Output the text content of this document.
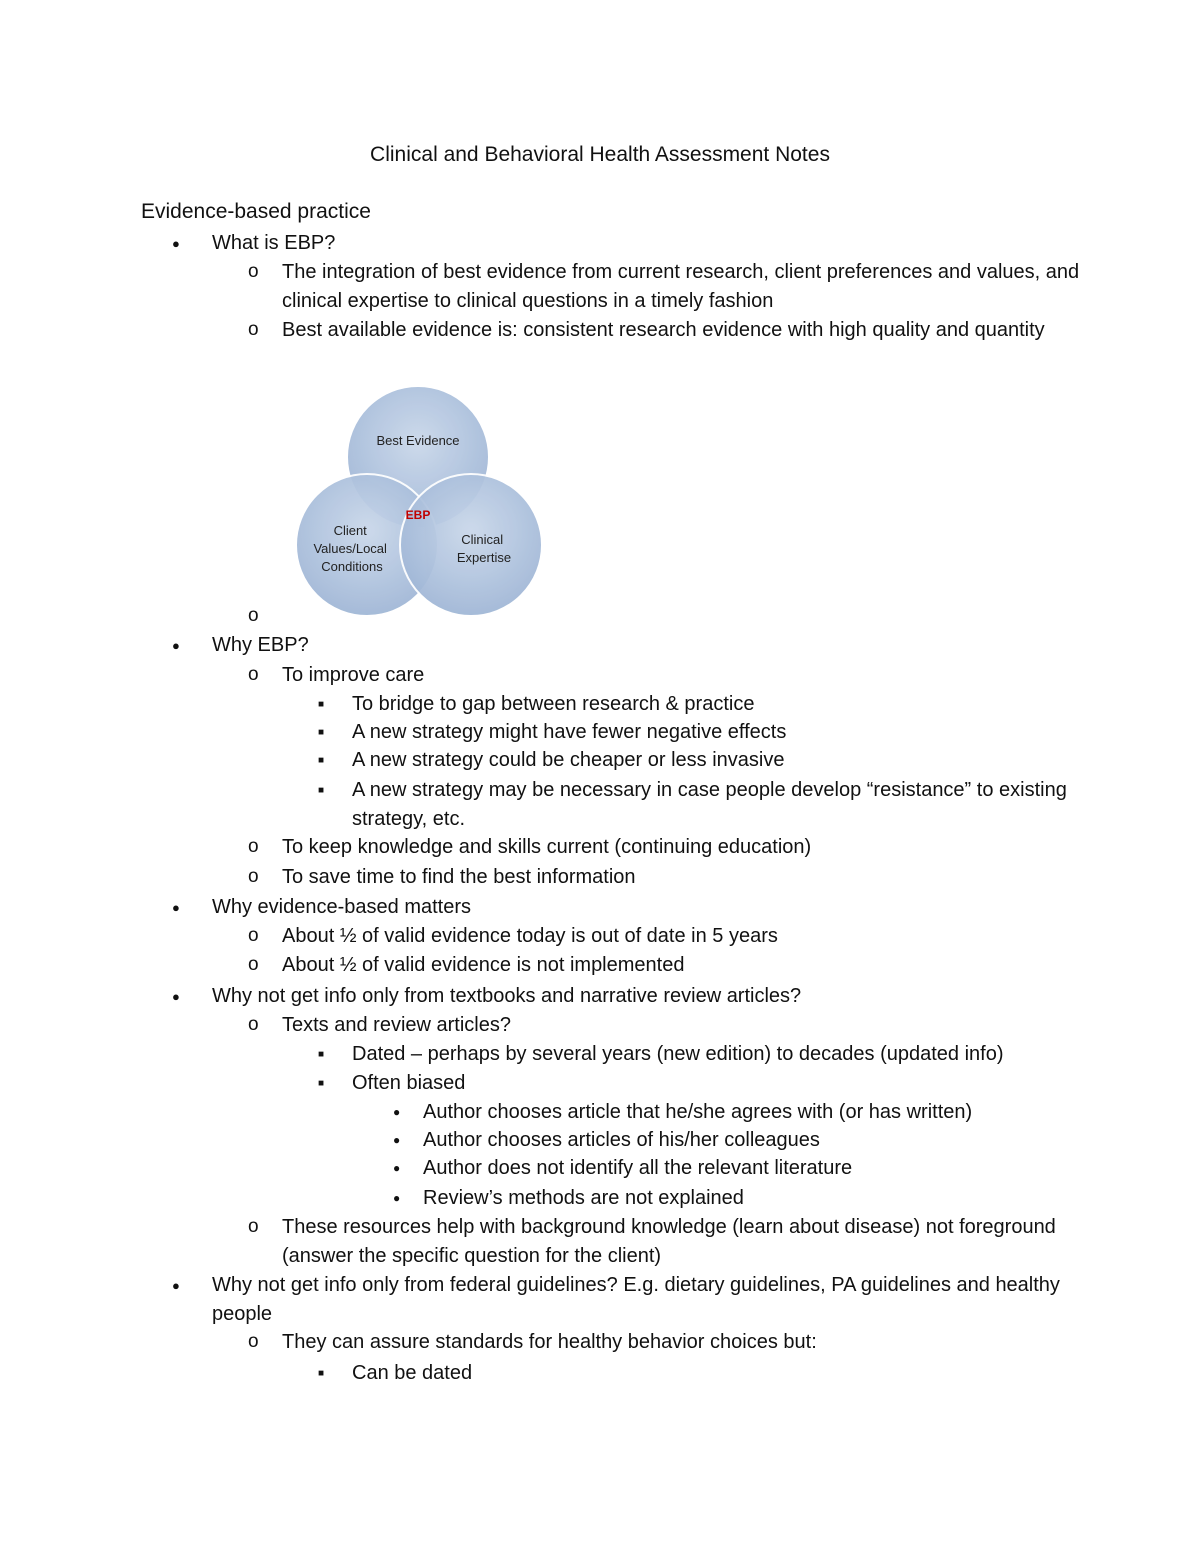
Clinical and Behavioral Health Assessment Notes
Evidence-based practice
● What is EBP?
o The integration of best evidence from current research, client preferences and values, and clinical expertise to clinical questions in a timely fashion
o Best available evidence is: consistent research evidence with high quality and quantity
● Why EBP?
o To improve care
■ To bridge to gap between research & practice
■ A new strategy might have fewer negative effects
■ A new strategy could be cheaper or less invasive
■ A new strategy may be necessary in case people develop “resistance” to existing strategy, etc.
o To keep knowledge and skills current (continuing education)
o To save time to find the best information
● Why evidence-based matters
o About ½ of valid evidence today is out of date in 5 years
o About ½ of valid evidence is not implemented
● Why not get info only from textbooks and narrative review articles?
o Texts and review articles?
■ Dated – perhaps by several years (new edition) to decades (updated info)
■ Often biased
● Author chooses article that he/she agrees with (or has written)
● Author chooses articles of his/her colleagues
● Author does not identify all the relevant literature
● Review’s methods are not explained
o These resources help with background knowledge (learn about disease) not foreground (answer the specific question for the client)
● Why not get info only from federal guidelines? E.g. dietary guidelines, PA guidelines and healthy people
o They can assure standards for healthy behavior choices but:
■ Can be dated
Best Evidence
Client Values/Local Conditions
Clinical Expertise
EBP
